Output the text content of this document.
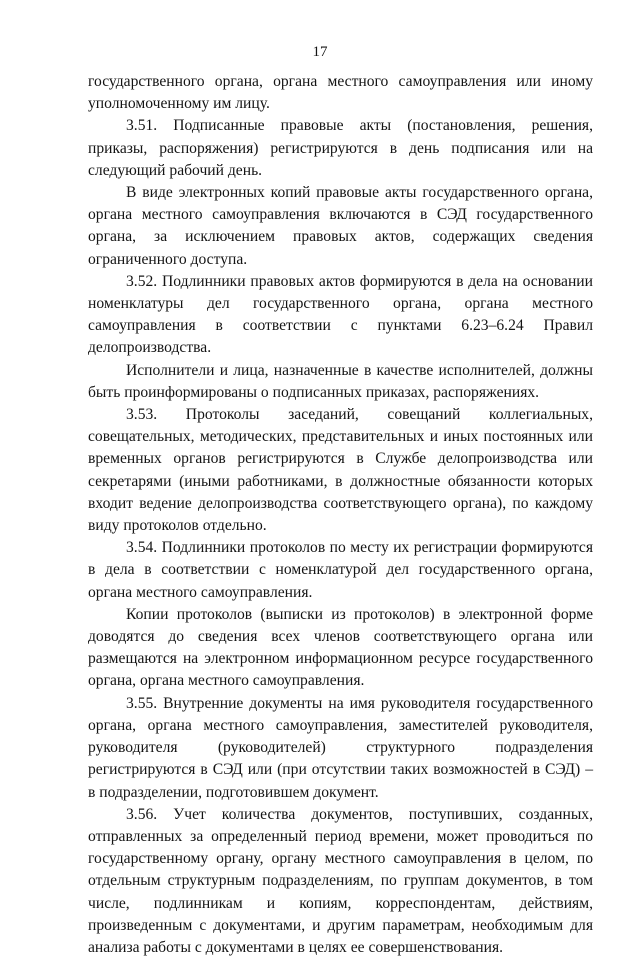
17

государственного органа, органа местного самоуправления или иному уполномоченному им лицу.

3.51. Подписанные правовые акты (постановления, решения, приказы, распоряжения) регистрируются в день подписания или на следующий рабочий день.

В виде электронных копий правовые акты государственного органа, органа местного самоуправления включаются в СЭД государственного органа, за исключением правовых актов, содержащих сведения ограниченного доступа.

3.52. Подлинники правовых актов формируются в дела на основании номенклатуры дел государственного органа, органа местного самоуправления в соответствии с пунктами 6.23–6.24 Правил делопроизводства.

Исполнители и лица, назначенные в качестве исполнителей, должны быть проинформированы о подписанных приказах, распоряжениях.

3.53. Протоколы заседаний, совещаний коллегиальных, совещательных, методических, представительных и иных постоянных или временных органов регистрируются в Службе делопроизводства или секретарями (иными работниками, в должностные обязанности которых входит ведение делопроизводства соответствующего органа), по каждому виду протоколов отдельно.

3.54. Подлинники протоколов по месту их регистрации формируются в дела в соответствии с номенклатурой дел государственного органа, органа местного самоуправления.

Копии протоколов (выписки из протоколов) в электронной форме доводятся до сведения всех членов соответствующего органа или размещаются на электронном информационном ресурсе государственного органа, органа местного самоуправления.

3.55. Внутренние документы на имя руководителя государственного органа, органа местного самоуправления, заместителей руководителя, руководителя (руководителей) структурного подразделения регистрируются в СЭД или (при отсутствии таких возможностей в СЭД) – в подразделении, подготовившем документ.

3.56. Учет количества документов, поступивших, созданных, отправленных за определенный период времени, может проводиться по государственному органу, органу местного самоуправления в целом, по отдельным структурным подразделениям, по группам документов, в том числе, подлинникам и копиям, корреспондентам, действиям, произведенным с документами, и другим параметрам, необходимым для анализа работы с документами в целях ее совершенствования.
